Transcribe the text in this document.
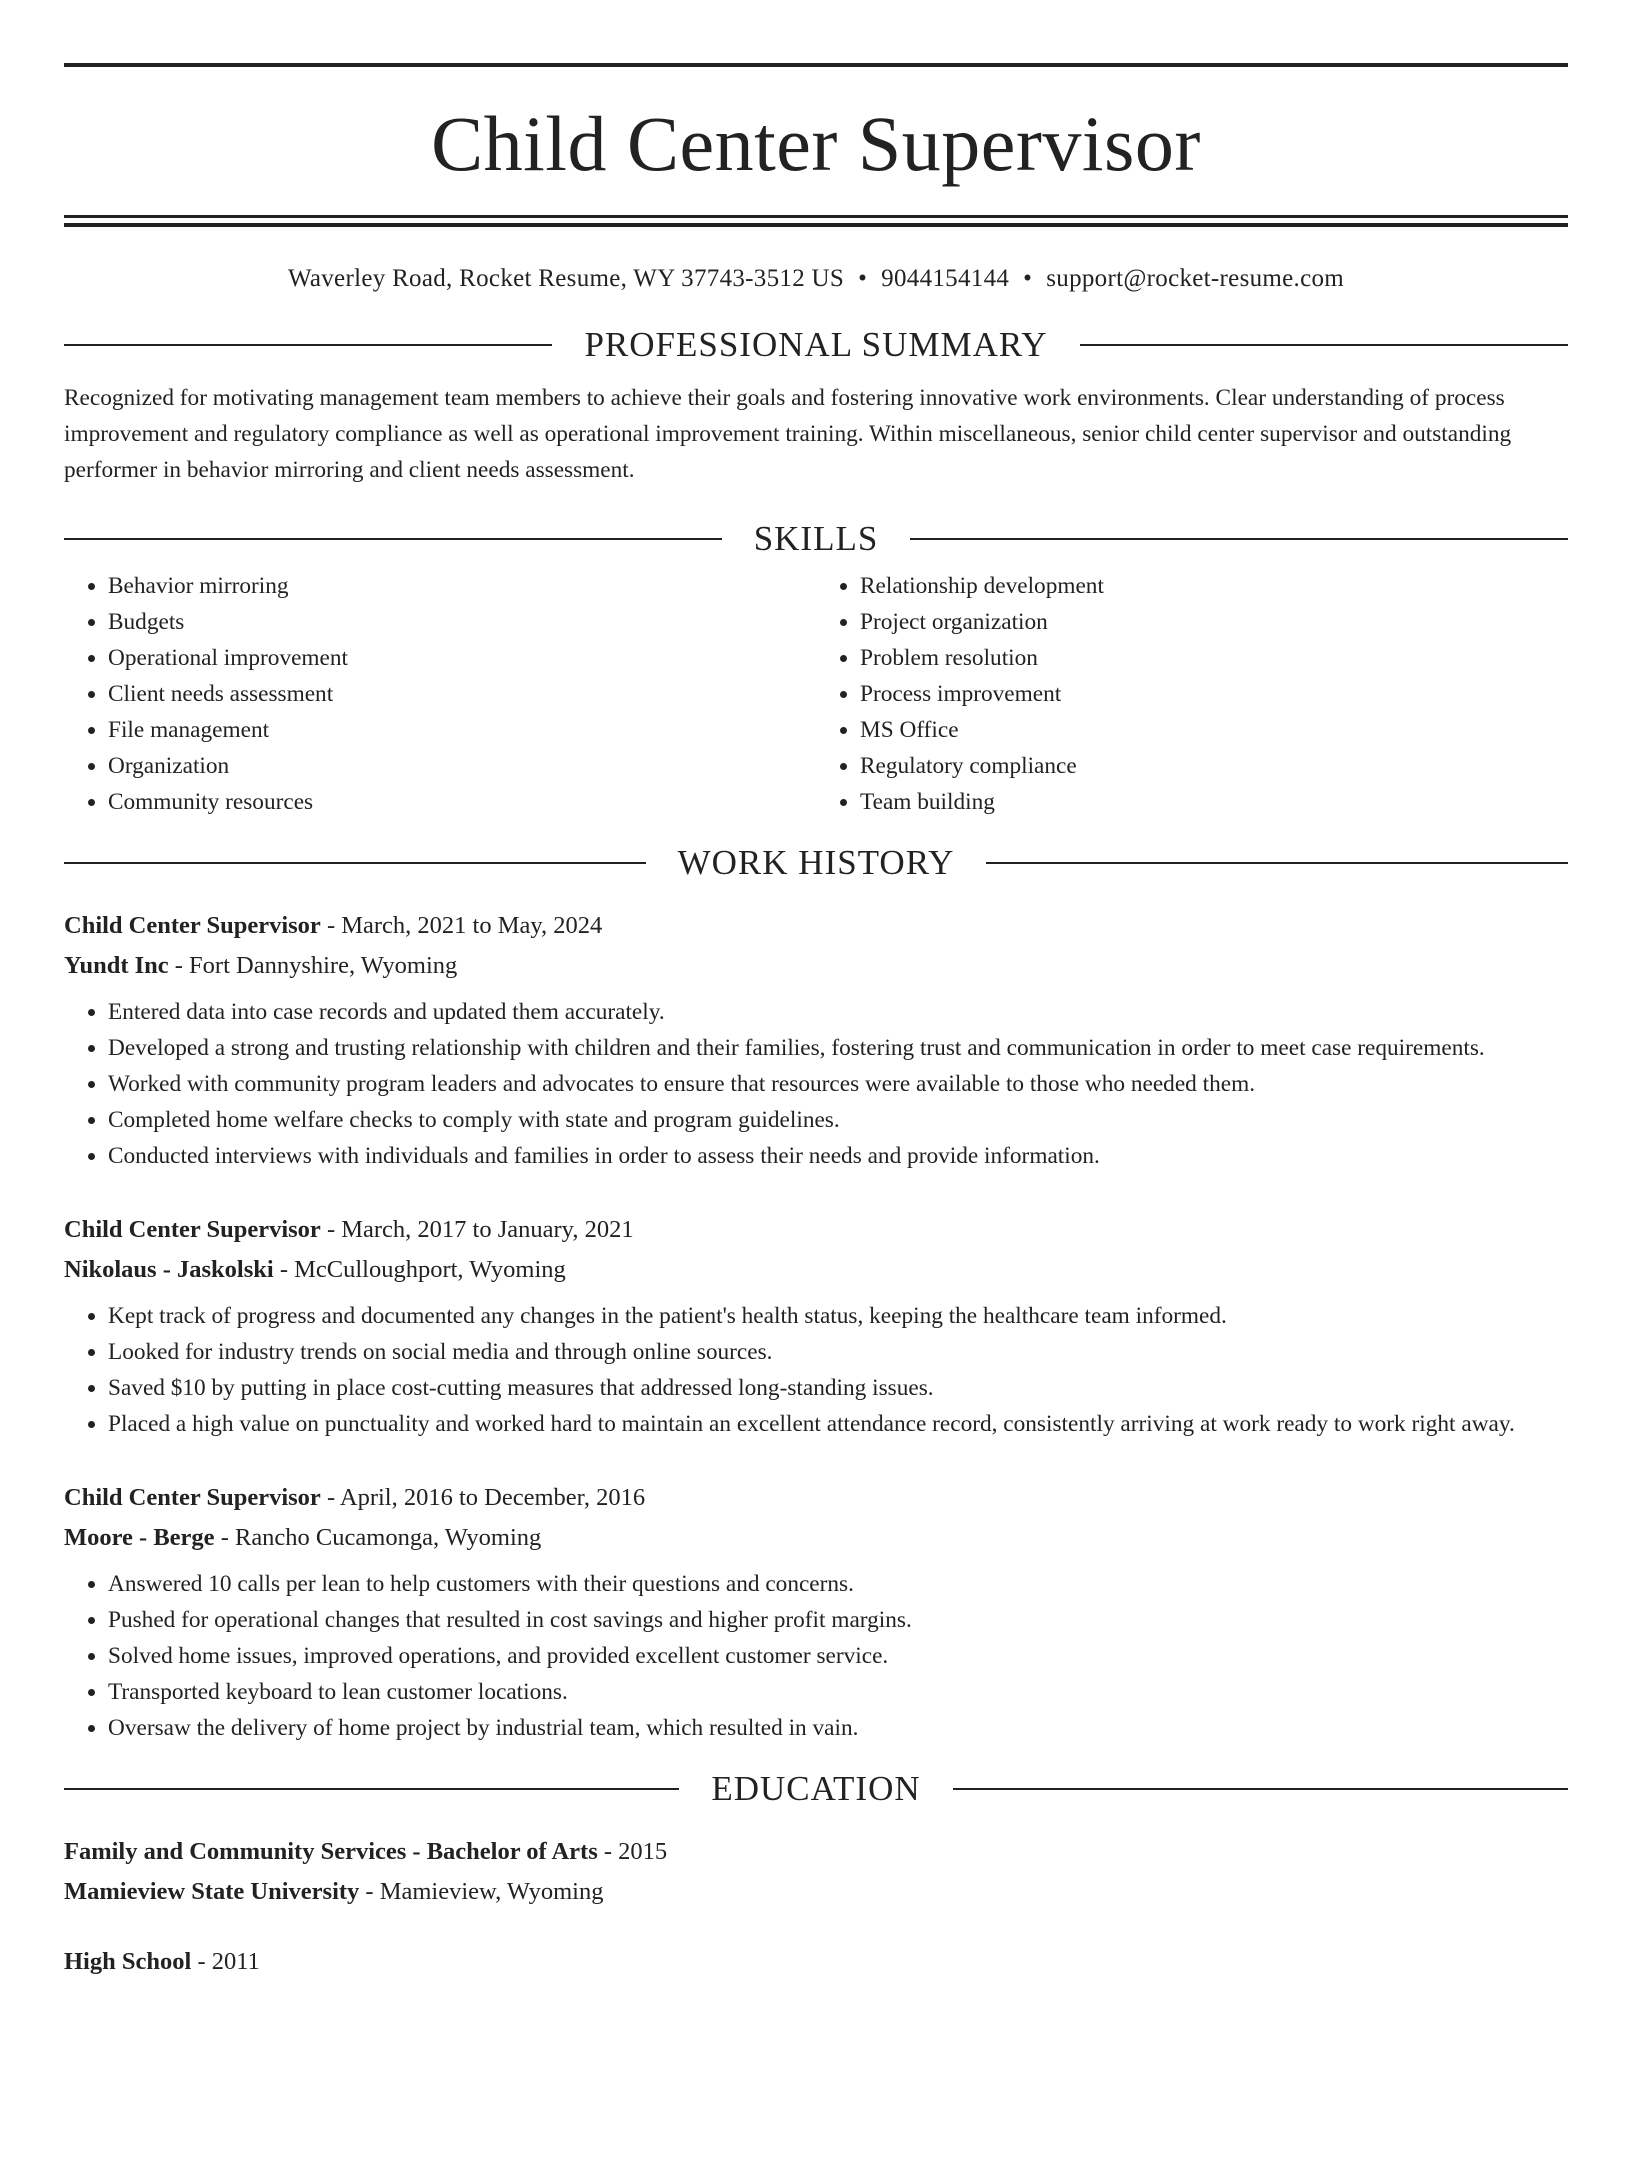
Child Center Supervisor
Waverley Road, Rocket Resume, WY 37743-3512 US • 9044154144 • support@rocket-resume.com
PROFESSIONAL SUMMARY

Recognized for motivating management team members to achieve their goals and fostering innovative work environments. Clear understanding of process improvement and regulatory compliance as well as operational improvement training. Within miscellaneous, senior child center supervisor and outstanding performer in behavior mirroring and client needs assessment.

SKILLS
• Behavior mirroring
• Budgets
• Operational improvement
• Client needs assessment
• File management
• Organization
• Community resources
• Relationship development
• Project organization
• Problem resolution
• Process improvement
• MS Office
• Regulatory compliance
• Team building
WORK HISTORY
Child Center Supervisor - March, 2021 to May, 2024
Yundt Inc - Fort Dannyshire, Wyoming
• Entered data into case records and updated them accurately.
• Developed a strong and trusting relationship with children and their families, fostering trust and communication in order to meet case requirements.
• Worked with community program leaders and advocates to ensure that resources were available to those who needed them.
• Completed home welfare checks to comply with state and program guidelines.
• Conducted interviews with individuals and families in order to assess their needs and provide information.
Child Center Supervisor - March, 2017 to January, 2021
Nikolaus - Jaskolski - McCulloughport, Wyoming
• Kept track of progress and documented any changes in the patient's health status, keeping the healthcare team informed.
• Looked for industry trends on social media and through online sources.
• Saved $10 by putting in place cost-cutting measures that addressed long-standing issues.
• Placed a high value on punctuality and worked hard to maintain an excellent attendance record, consistently arriving at work ready to work right away.
Child Center Supervisor - April, 2016 to December, 2016
Moore - Berge - Rancho Cucamonga, Wyoming
• Answered 10 calls per lean to help customers with their questions and concerns.
• Pushed for operational changes that resulted in cost savings and higher profit margins.
• Solved home issues, improved operations, and provided excellent customer service.
• Transported keyboard to lean customer locations.
• Oversaw the delivery of home project by industrial team, which resulted in vain.
EDUCATION
Family and Community Services - Bachelor of Arts - 2015
Mamieview State University - Mamieview, Wyoming
High School - 2011
